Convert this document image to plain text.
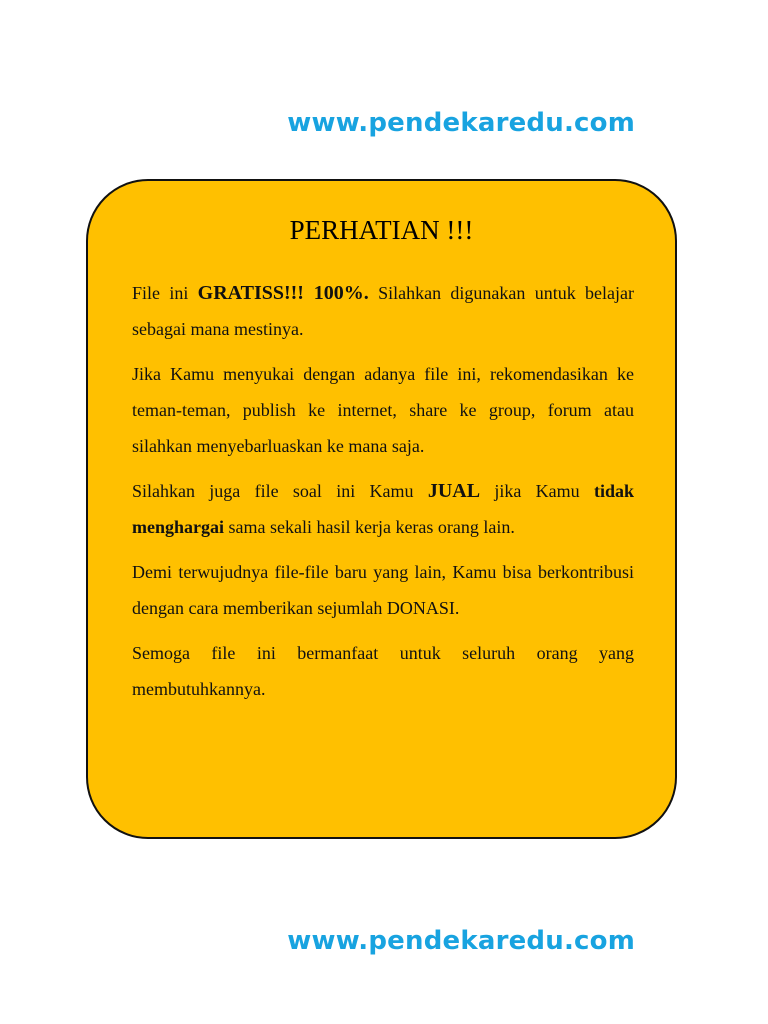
www.pendekaredu.com
PERHATIAN !!!

File ini GRATISS!!! 100%. Silahkan digunakan untuk belajar sebagai mana mestinya.

Jika Kamu menyukai dengan adanya file ini, rekomendasikan ke teman-teman, publish ke internet, share ke group, forum atau silahkan menyebarluaskan ke mana saja.

Silahkan juga file soal ini Kamu JUAL jika Kamu tidak menghargai sama sekali hasil kerja keras orang lain.

Demi terwujudnya file-file baru yang lain, Kamu bisa berkontribusi dengan cara memberikan sejumlah DONASI.

Semoga file ini bermanfaat untuk seluruh orang yang membutuhkannya.

www.pendekaredu.com
